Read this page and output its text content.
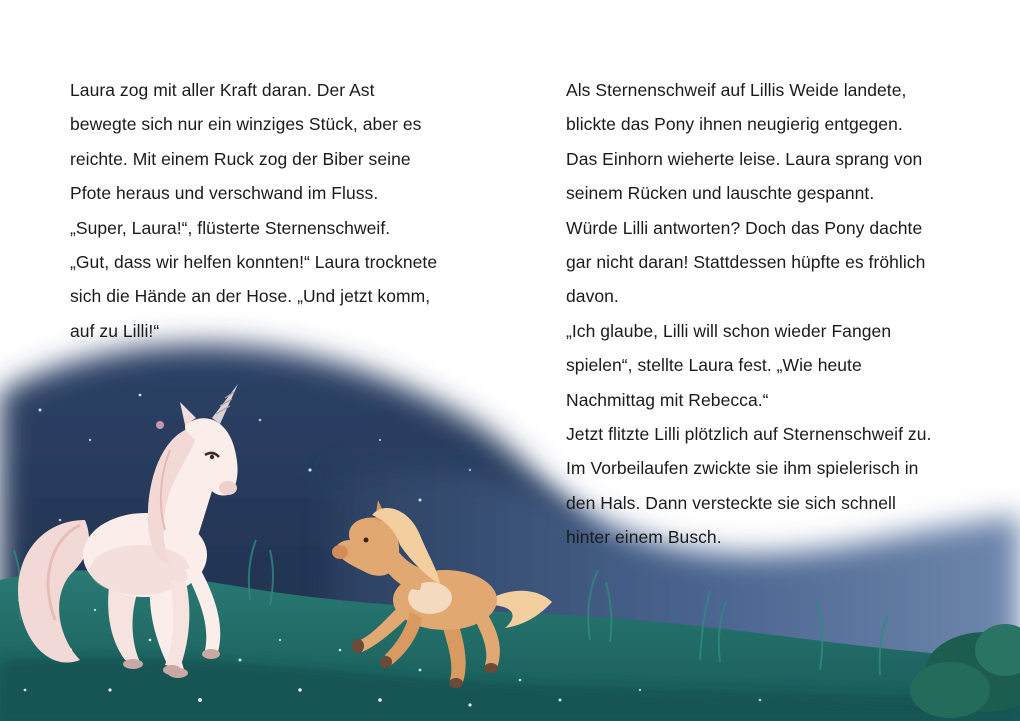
Laura zog mit aller Kraft daran. Der Ast

bewegte sich nur ein winziges Stück, aber es

reichte. Mit einem Ruck zog der Biber seine

Pfote heraus und verschwand im Fluss.

„Super, Laura!“, flüsterte Sternenschweif.

„Gut, dass wir helfen konnten!“ Laura trocknete

sich die Hände an der Hose. „Und jetzt komm,

auf zu Lilli!“

Als Sternenschweif auf Lillis Weide landete,

blickte das Pony ihnen neugierig entgegen.

Das Einhorn wieherte leise. Laura sprang von

seinem Rücken und lauschte gespannt.

Würde Lilli antworten? Doch das Pony dachte

gar nicht daran! Stattdessen hüpfte es fröhlich

davon.

„Ich glaube, Lilli will schon wieder Fangen

spielen“, stellte Laura fest. „Wie heute

Nachmittag mit Rebecca.“

Jetzt flitzte Lilli plötzlich auf Sternenschweif zu.

Im Vorbeilaufen zwickte sie ihm spielerisch in

den Hals. Dann versteckte sie sich schnell

hinter einem Busch.
